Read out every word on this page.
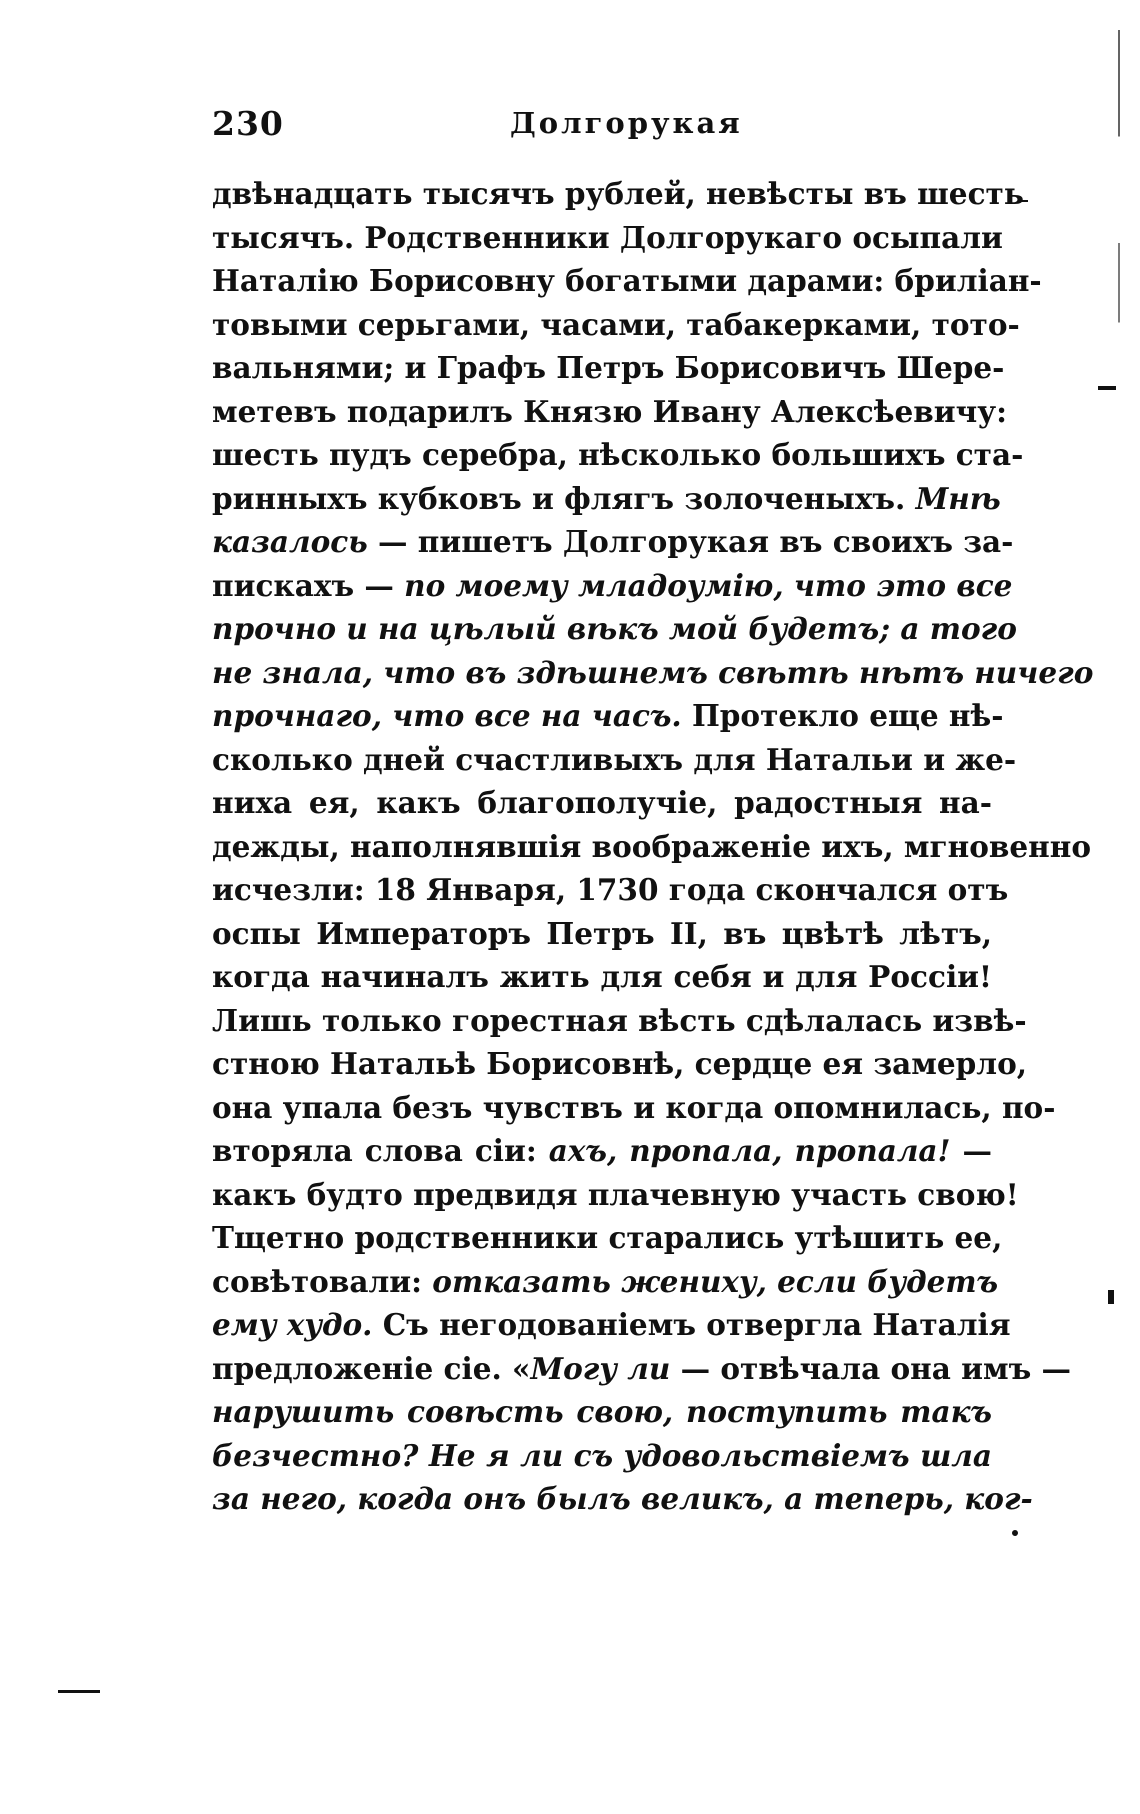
230	Долгорукая
двѣнадцать тысячъ рублей, невѣсты въ шесть
тысячъ. Родственники Долгорукаго осыпали
Наталію Борисовну богатыми дарами: бриліан-
товыми серьгами, часами, табакерками, тото-
вальнями; и Графъ Петръ Борисовичъ Шере-
метевъ подарилъ Князю Ивану Алексѣевичу:
шесть пудъ серебра, нѣсколько большихъ ста-
ринныхъ кубковъ и флягъ золоченыхъ. Мнѣ
казалось — пишетъ Долгорукая въ своихъ за-
пискахъ — по моему младоумію, что это все
прочно и на цѣлый вѣкъ мой будетъ; а того
не знала, что въ здѣшнемъ свѣтѣ нѣтъ ничего
прочнаго, что все на часъ. Протекло еще нѣ-
сколько дней счастливыхъ для Натальи и же-
ниха ея, какъ благополучіе, радостныя на-
дежды, наполнявшія воображеніе ихъ, мгновенно
исчезли: 18 Января, 1730 года скончался отъ
оспы Императоръ Петръ II, въ цвѣтѣ лѣтъ,
когда начиналъ жить для себя и для Россіи!
Лишь только горестная вѣсть сдѣлалась извѣ-
стною Натальѣ Борисовнѣ, сердце ея замерло,
она упала безъ чувствъ и когда опомнилась, по-
вторяла слова сіи: ахъ, пропала, пропала! —
какъ будто предвидя плачевную участь свою!
Тщетно родственники старались утѣшить ее,
совѣтовали: отказать жениху, если будетъ
ему худо. Съ негодованіемъ отвергла Наталія
предложеніе сіе. «Могу ли — отвѣчала она имъ —
нарушить совѣсть свою, поступить такъ
безчестно? Не я ли съ удовольствіемъ шла
за него, когда онъ былъ великъ, а теперь, ког-
